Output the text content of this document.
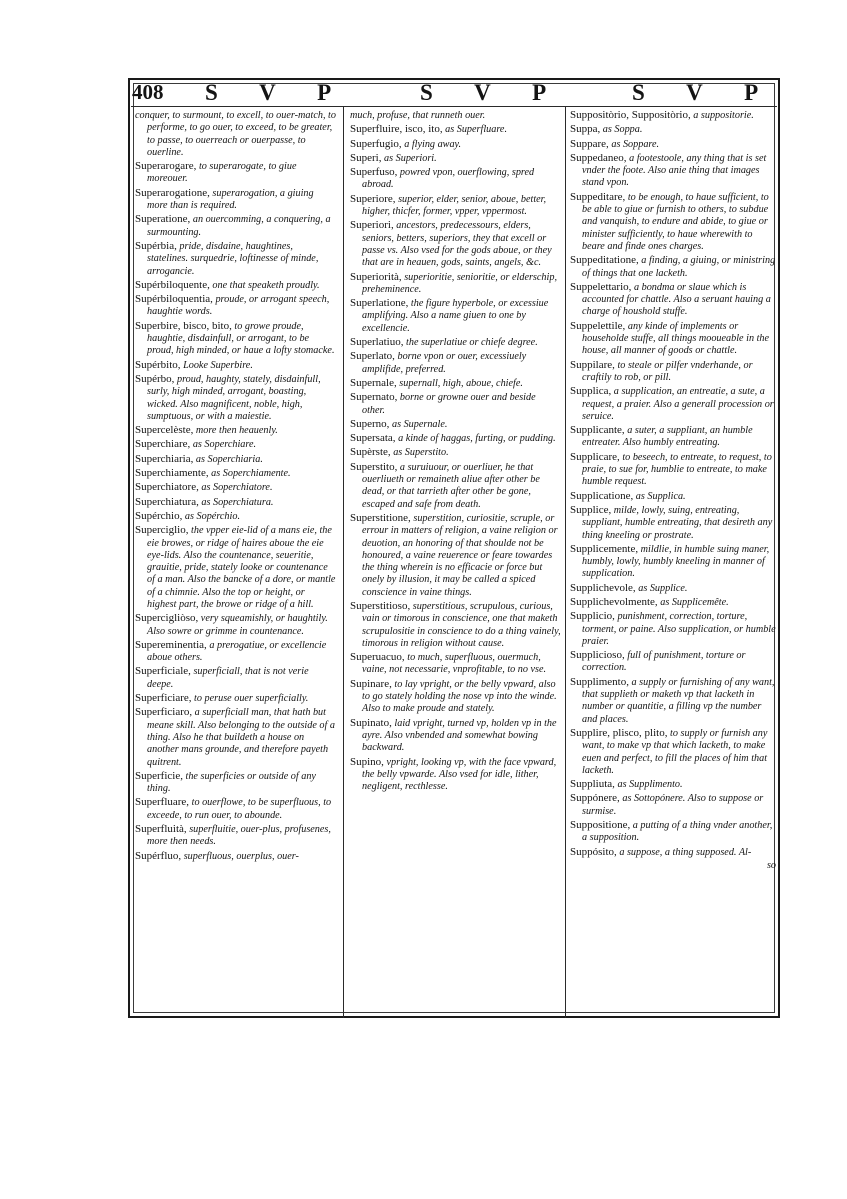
408 S V P	S V P	S V P

conquer, to surmount, to excell, to ouer-match, to performe, to go ouer, to exceed, to be greater, to passe, to ouerreach or ouerpasse, to ouerline.

Superarogare, to superarogate, to giue moreouer.

Superarogatione, superarogation, a giuing more than is required.

Superatione, an ouercomming, a conquering, a surmounting.

Supérbia, pride, disdaine, haughtines, statelines. surquedrie, loftinesse of minde, arrogancie.

Supérbiloquente, one that speaketh proudly.

Supérbiloquentia, proude, or arrogant speech, haughtie words.

Superbire, bisco, bito, to growe proude, haughtie, disdainfull, or arrogant, to be proud, high minded, or haue a lofty stomacke.

Supérbito, Looke Superbire.

Supérbo, proud, haughty, stately, disdainfull, surly, high minded, arrogant, boasting, wicked. Also magnificent, noble, high, sumptuous, or with a maiestie.

Supercelèste, more then heauenly.

Superchiare, as Soperchiare.

Superchiaria, as Soperchiaria.

Superchiamente, as Soperchiamente.

Superchiatore, as Soperchiatore.

Superchiatura, as Soperchiatura.

Supérchio, as Sopérchio.

Superciglio, the vpper eie-lid of a mans eie, the eie browes, or ridge of haires aboue the eie eye-lids. Also the countenance, seueritie, grauitie, pride, stately looke or countenance of a man. Also the bancke of a dore, or mantle of a chimnie. Also the top or height, or highest part, the browe or ridge of a hill.

Supercigliòso, very squeamishly, or haughtily. Also sowre or grimme in countenance.

Supereminentia, a prerogatiue, or excellencie aboue others.

Superficiale, superficiall, that is not verie deepe.

Superficiare, to peruse ouer superficially.

Superficiaro, a superficiall man, that hath but meane skill. Also belonging to the outside of a thing. Also he that buildeth a house on another mans grounde, and therefore payeth quitrent.

Superficie, the superficies or outside of any thing.

Superfluare, to ouerflowe, to be superfluous, to exceede, to run ouer, to abounde.

Superfluità, superfluitie, ouer-plus, profusenes, more then needs.

Supérfluo, superfluous, ouerplus, ouer-

much, profuse, that runneth ouer.

Superfluire, isco, ito, as Superfluare.

Superfugio, a flying away.

Superi, as Superiori.

Superfuso, powred vpon, ouerflowing, spred abroad.

Superiore, superior, elder, senior, aboue, better, higher, thicfer, former, vpper, vppermost.

Superiori, ancestors, predecessours, elders, seniors, betters, superiors, they that excell or passe vs. Also vsed for the gods aboue, or they that are in heauen, gods, saints, angels, &c.

Superiorità, superioritie, senioritie, or elderschip, preheminence.

Superlatione, the figure hyperbole, or excessiue amplifying. Also a name giuen to one by excellencie.

Superlatiuo, the superlatiue or chiefe degree.

Superlato, borne vpon or ouer, excessiuely amplifide, preferred.

Supernale, supernall, high, aboue, chiefe.

Supernato, borne or growne ouer and beside other.

Superno, as Supernale.

Supersata, a kinde of haggas, furting, or pudding.

Supèrste, as Superstito.

Superstito, a suruiuour, or ouerliuer, he that ouerliueth or remaineth aliue after other be dead, or that tarrieth after other be gone, escaped and safe from death.

Superstitione, superstition, curiositie, scruple, or errour in matters of religion, a vaine religion or deuotion, an honoring of that shoulde not be honoured, a vaine reuerence or feare towardes the thing wherein is no efficacie or force but onely by illusion, it may be called a spiced conscience in vaine things.

Superstitioso, superstitious, scrupulous, curious, vain or timorous in conscience, one that maketh scrupulositie in conscience to do a thing vainely, timorous in religion without cause.

Superuacuo, to much, superfluous, ouermuch, vaine, not necessarie, vnprofitable, to no vse.

Supinare, to lay vpright, or the belly vpward, also to go stately holding the nose vp into the winde. Also to make proude and stately.

Supinato, laid vpright, turned vp, holden vp in the ayre. Also vnbended and somewhat bowing backward.

Supino, vpright, looking vp, with the face vpward, the belly vpwarde. Also vsed for idle, lither, negligent, recthlesse.

Suppositòrio, Suppositòrio, a suppositorie.

Suppa, as Soppa.

Suppare, as Soppare.

Suppedaneo, a footestoole, any thing that is set vnder the foote. Also anie thing that images stand vpon.

Suppeditare, to be enough, to haue sufficient, to be able to giue or furnish to others, to subdue and vanquish, to endure and abide, to giue or minister sufficiently, to haue wherewith to beare and finde ones charges.

Suppeditatione, a finding, a giuing, or ministring of things that one lacketh.

Suppelettario, a bondma or slaue which is accounted for chattle. Also a seruant hauing a charge of houshold stuffe.

Suppelettile, any kinde of implements or householde stuffe, all things mooueable in the house, all manner of goods or chattle.

Suppilare, to steale or pilfer vnderhande, or craftily to rob, or pill.

Supplica, a supplication, an entreatie, a sute, a request, a praier. Also a generall procession or seruice.

Supplicante, a suter, a suppliant, an humble entreater. Also humbly entreating.

Supplicare, to beseech, to entreate, to request, to praie, to sue for, humblie to entreate, to make humble request.

Supplicatione, as Supplica.

Supplice, milde, lowly, suing, entreating, suppliant, humble entreating, that desireth any thing kneeling or prostrate.

Supplicemente, mildlie, in humble suing maner, humbly, lowly, humbly kneeling in manner of supplication.

Supplichevole, as Supplice.

Supplichevolmente, as Supplicemête.

Supplicio, punishment, correction, torture, torment, or paine. Also supplication, or humble praier.

Supplicioso, full of punishment, torture or correction.

Supplimento, a supply or furnishing of any want, that supplieth or maketh vp that lacketh in number or quantitie, a filling vp the number and places.

Supplire, plisco, plito, to supply or furnish any want, to make vp that which lacketh, to make euen and perfect, to fill the places of him that lacketh.

Suppliuta, as Supplimento.

Suppónere, as Sottopónere. Also to suppose or surmise.

Suppositione, a putting of a thing vnder another, a supposition.

Suppósito, a suppose, a thing supposed. Al-

so
